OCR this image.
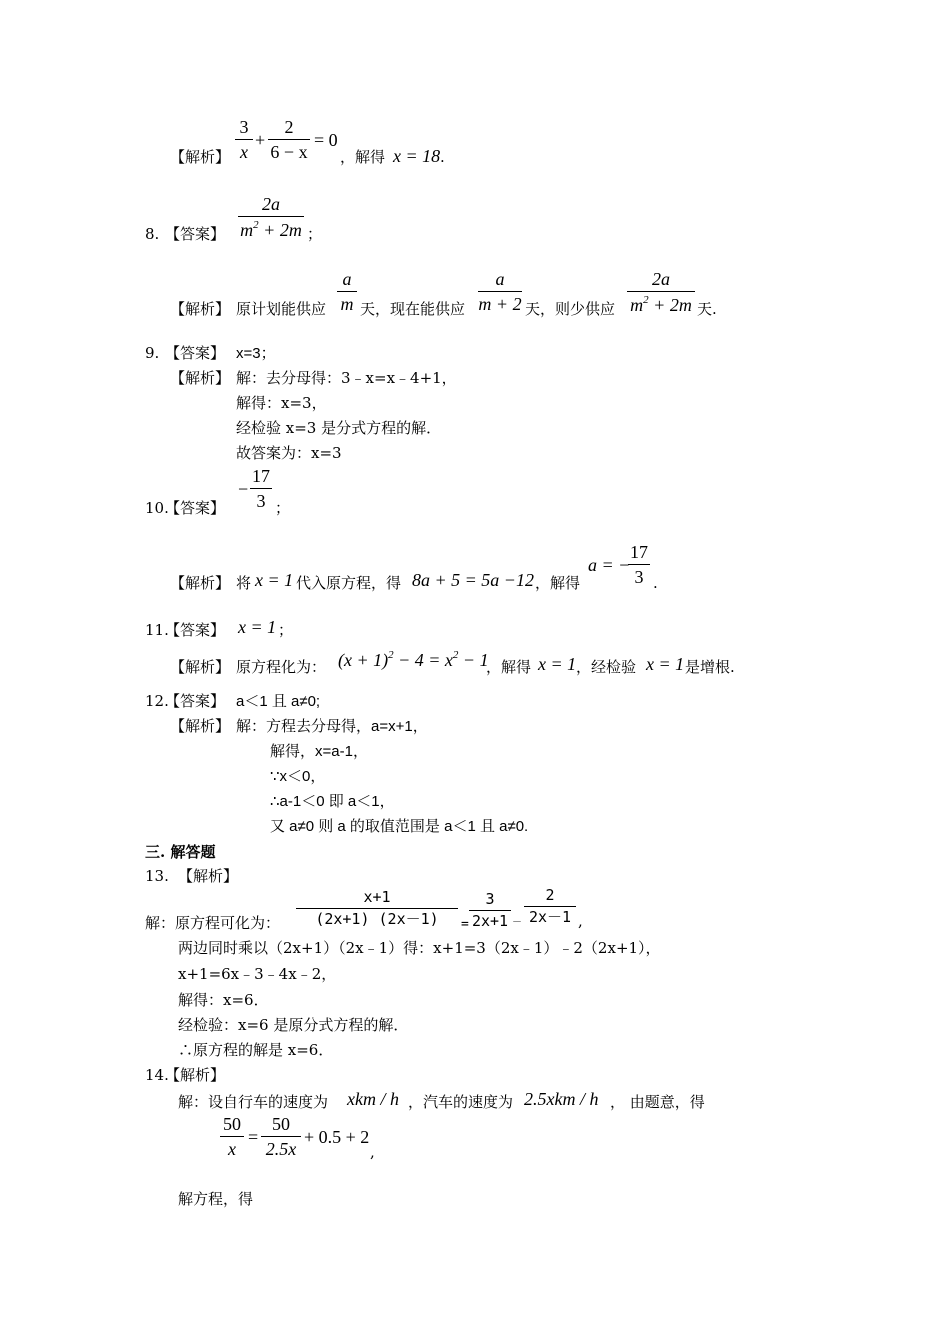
$\frac{3}{x} + \frac{2}{6 - x} = 0$
【解析】	，解得 x = 18 .
8. 【答案】 $\frac{2a}{m^2 + 2m}$ ；
【解析】 原计划能供应 $\frac{a}{m}$ 天，现在能供应 $\frac{a}{m + 2}$ 天，则少供应 $\frac{2a}{m^2 + 2m}$ 天.
9. 【答案】 x=3；
【解析】 解：去分母得：3﹣x=x﹣4+1，
解得：x=3，
经检验 x=3 是分式方程的解．
故答案为：x=3
− $\frac{17}{3}$
10.
【答案】	；
【解析】 将 x = 1 代入原方程，得 8a + 5 = 5a −12 ，解得
a = −
$\frac{17}{3}$ .
11.
【答案】 x = 1 ；
【解析】 原方程化为： $(x + 1)^2 - 4 = x^2 - 1$
，解得 x = 1 ，经检验 x = 1 是增根.
12.
【答案】 a＜1 且 a≠0;
【解析】 解：方程去分母得，a=x+1，
解得，x=a-1，
∵x＜0，
∴a-1＜0 即 a＜1，
又 a≠0 则 a 的取值范围是 a＜1 且 a≠0.
三. 解答题
13. 【解析】
$\frac{x+1}{(2x+1) (2x-1)}$
解：原方程可化为：	= $\frac{3}{2x+1} - \frac{2}{2x-1}$ ,
两边同时乘以（2x+1）（2x﹣1）得：x+1=3（2x﹣1）﹣2（2x+1），
x+1=6x﹣3﹣4x﹣2，
解得：x=6．
经检验：x=6 是原分式方程的解．
∴原方程的解是 x=6．
14.
【解析】
解：设自行车的速度为 xkm / h ，汽车的速度为 2.5xkm / h ， 由题意，得
$\frac{50}{x} = \frac{50}{2.5x} + 0.5 + 2$
,
解方程，得
